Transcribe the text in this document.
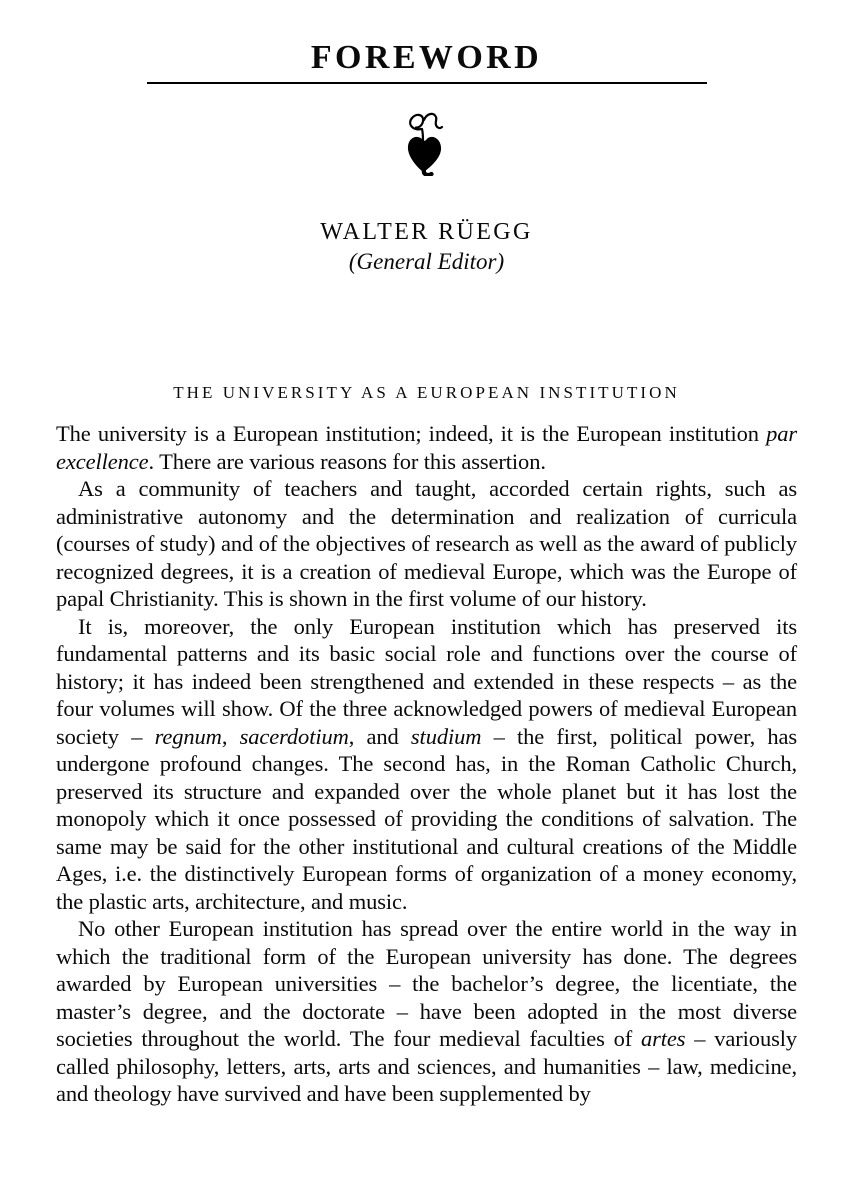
FOREWORD
WALTER RÜEGG
(General Editor)
THE UNIVERSITY AS A EUROPEAN INSTITUTION

The university is a European institution; indeed, it is the European institution par excellence. There are various reasons for this assertion.

As a community of teachers and taught, accorded certain rights, such as administrative autonomy and the determination and realization of curricula (courses of study) and of the objectives of research as well as the award of publicly recognized degrees, it is a creation of medieval Europe, which was the Europe of papal Christianity. This is shown in the first volume of our history.

It is, moreover, the only European institution which has preserved its fundamental patterns and its basic social role and functions over the course of history; it has indeed been strengthened and extended in these respects – as the four volumes will show. Of the three acknowledged powers of medieval European society – regnum, sacerdotium, and studium – the first, political power, has undergone profound changes. The second has, in the Roman Catholic Church, preserved its structure and expanded over the whole planet but it has lost the monopoly which it once possessed of providing the conditions of salvation. The same may be said for the other institutional and cultural creations of the Middle Ages, i.e. the distinctively European forms of organization of a money economy, the plastic arts, architecture, and music.

No other European institution has spread over the entire world in the way in which the traditional form of the European university has done. The degrees awarded by European universities – the bachelor’s degree, the licentiate, the master’s degree, and the doctorate – have been adopted in the most diverse societies throughout the world. The four medieval faculties of artes – variously called philosophy, letters, arts, arts and sciences, and humanities – law, medicine, and theology have survived and have been supplemented by
